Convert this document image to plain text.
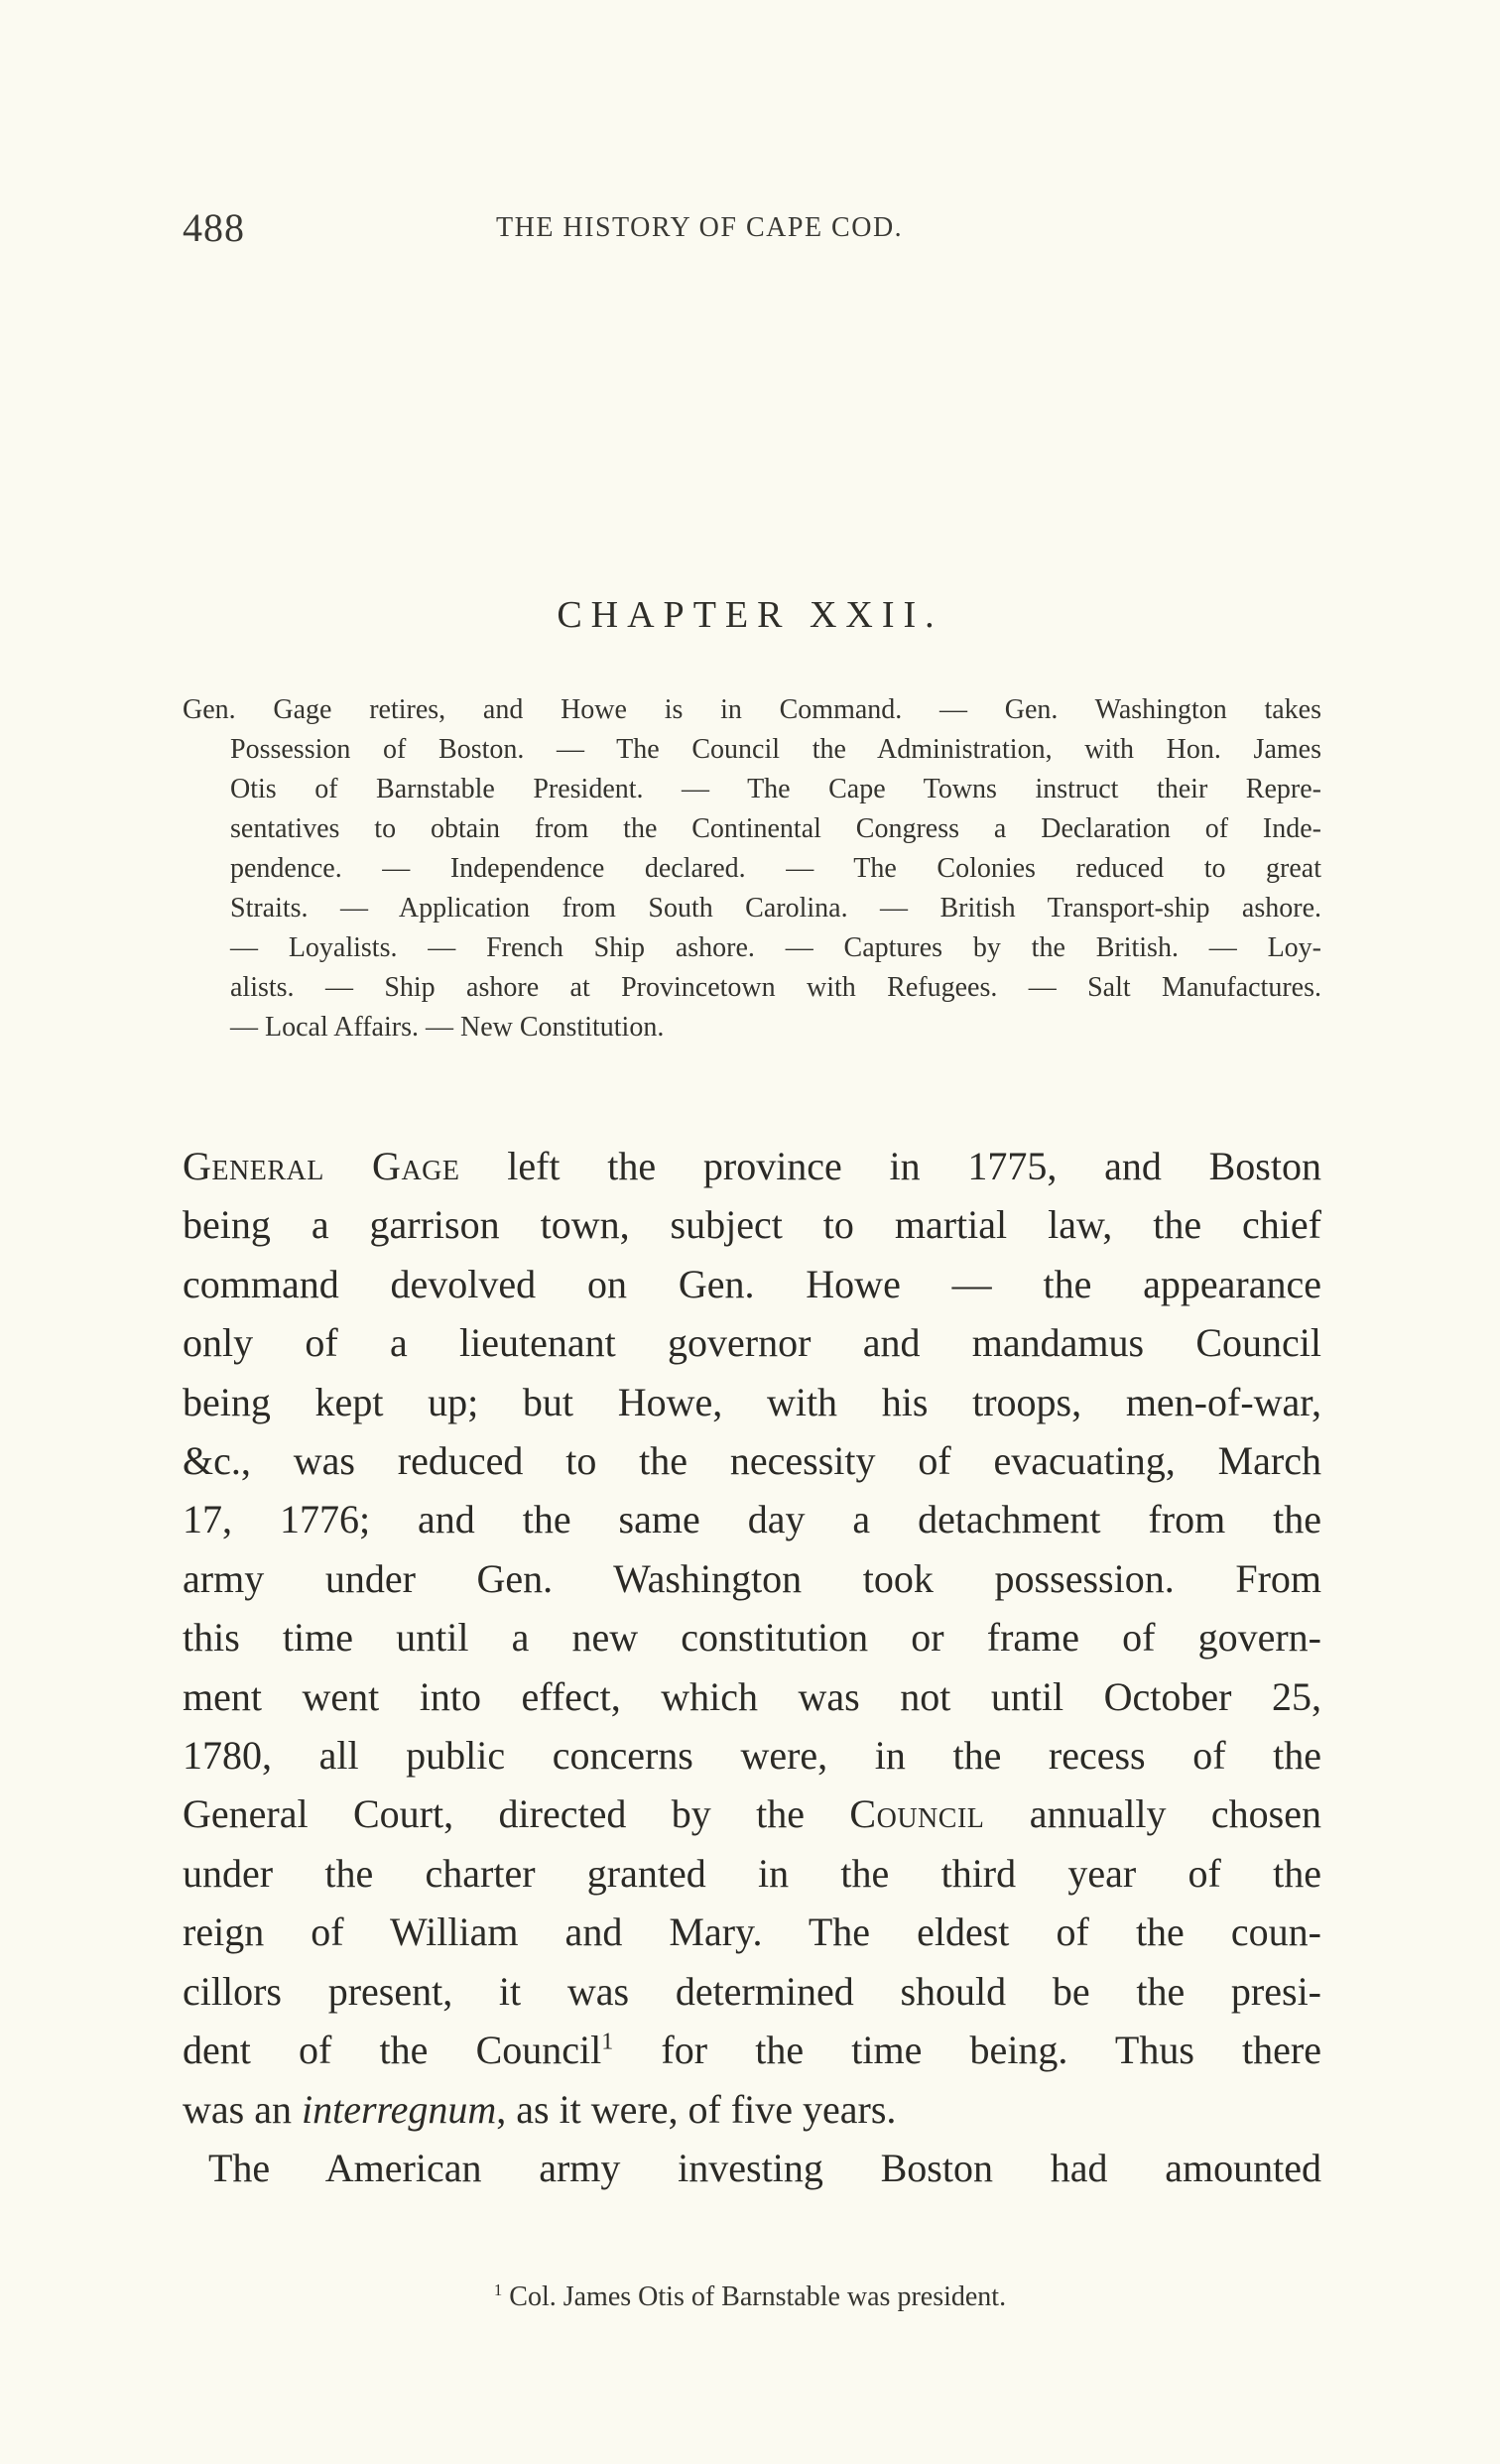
488	THE HISTORY OF CAPE COD.
CHAPTER XXII.
Gen. Gage retires, and Howe is in Command. — Gen. Washington takes
Possession of Boston. — The Council the Administration, with Hon. James
Otis of Barnstable President. — The Cape Towns instruct their Repre-
sentatives to obtain from the Continental Congress a Declaration of Inde-
pendence. — Independence declared. — The Colonies reduced to great
Straits. — Application from South Carolina. — British Transport-ship ashore.
— Loyalists. — French Ship ashore. — Captures by the British. — Loy-
alists. — Ship ashore at Provincetown with Refugees. — Salt Manufactures.
— Local Affairs. — New Constitution.
General Gage left the province in 1775, and Boston
being a garrison town, subject to martial law, the chief
command devolved on Gen. Howe — the appearance
only of a lieutenant governor and mandamus Council
being kept up; but Howe, with his troops, men-of-war,
&c., was reduced to the necessity of evacuating, March
17, 1776; and the same day a detachment from the
army under Gen. Washington took possession. From
this time until a new constitution or frame of govern-
ment went into effect, which was not until October 25,
1780, all public concerns were, in the recess of the
General Court, directed by the Council annually chosen
under the charter granted in the third year of the
reign of William and Mary. The eldest of the coun-
cillors present, it was determined should be the presi-
dent of the Council$^1$ for the time being. Thus there
was an interregnum, as it were, of five years.
The American army investing Boston had amounted
$^1$ Col. James Otis of Barnstable was president.
